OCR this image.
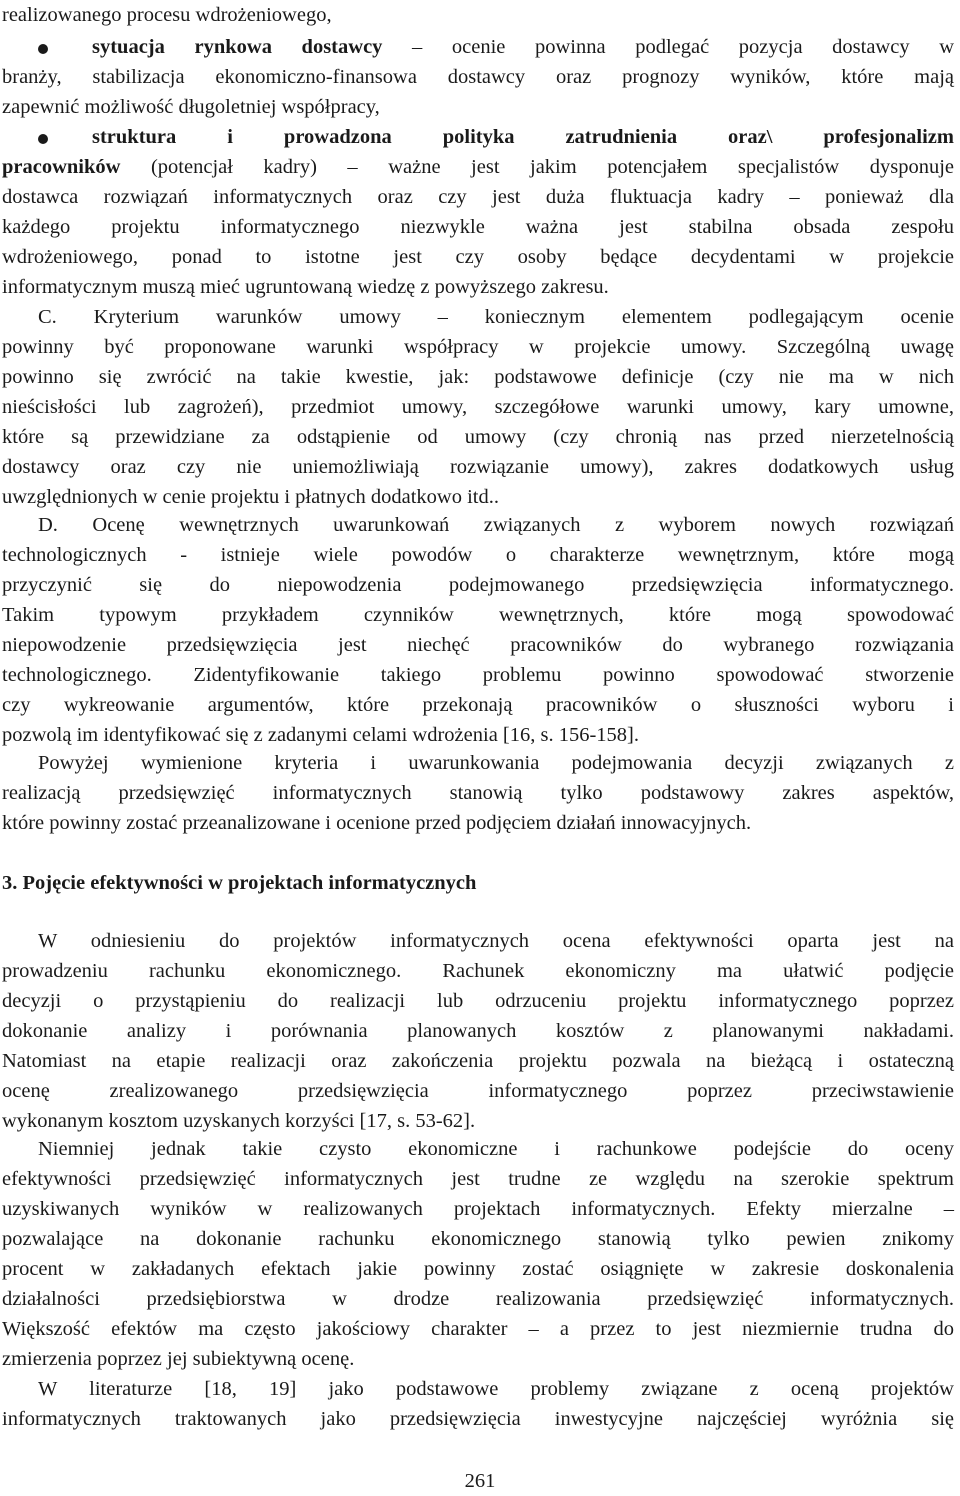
realizowanego procesu wdrożeniowego,
sytuacja rynkowa dostawcy – ocenie powinna podlegać pozycja dostawcy w
branży, stabilizacja ekonomiczno-finansowa dostawcy oraz prognozy wyników, które mają
zapewnić możliwość długoletniej współpracy,
struktura i prowadzona polityka zatrudnienia oraz\ profesjonalizm
pracowników (potencjał kadry) – ważne jest jakim potencjałem specjalistów dysponuje
dostawca rozwiązań informatycznych oraz czy jest duża fluktuacja kadry – ponieważ dla
każdego projektu informatycznego niezwykle ważna jest stabilna obsada zespołu
wdrożeniowego, ponad to istotne jest czy osoby będące decydentami w projekcie
informatycznym muszą mieć ugruntowaną wiedzę z powyższego zakresu.
C. Kryterium warunków umowy – koniecznym elementem podlegającym ocenie
powinny być proponowane warunki współpracy w projekcie umowy. Szczególną uwagę
powinno się zwrócić na takie kwestie, jak: podstawowe definicje (czy nie ma w nich
nieścisłości lub zagrożeń), przedmiot umowy, szczegółowe warunki umowy, kary umowne,
które są przewidziane za odstąpienie od umowy (czy chronią nas przed nierzetelnością
dostawcy oraz czy nie uniemożliwiają rozwiązanie umowy), zakres dodatkowych usług
uwzględnionych w cenie projektu i płatnych dodatkowo itd..
D. Ocenę wewnętrznych uwarunkowań związanych z wyborem nowych rozwiązań
technologicznych - istnieje wiele powodów o charakterze wewnętrznym, które mogą
przyczynić się do niepowodzenia podejmowanego przedsięwzięcia informatycznego.
Takim typowym przykładem czynników wewnętrznych, które mogą spowodować
niepowodzenie przedsięwzięcia jest niechęć pracowników do wybranego rozwiązania
technologicznego. Zidentyfikowanie takiego problemu powinno spowodować stworzenie
czy wykreowanie argumentów, które przekonają pracowników o słuszności wyboru i
pozwolą im identyfikować się z zadanymi celami wdrożenia [16, s. 156-158].
Powyżej wymienione kryteria i uwarunkowania podejmowania decyzji związanych z
realizacją przedsięwzięć informatycznych stanowią tylko podstawowy zakres aspektów,
które powinny zostać przeanalizowane i ocenione przed podjęciem działań innowacyjnych.
3. Pojęcie efektywności w projektach informatycznych
W odniesieniu do projektów informatycznych ocena efektywności oparta jest na
prowadzeniu rachunku ekonomicznego. Rachunek ekonomiczny ma ułatwić podjęcie
decyzji o przystąpieniu do realizacji lub odrzuceniu projektu informatycznego poprzez
dokonanie analizy i porównania planowanych kosztów z planowanymi nakładami.
Natomiast na etapie realizacji oraz zakończenia projektu pozwala na bieżącą i ostateczną
ocenę zrealizowanego przedsięwzięcia informatycznego poprzez przeciwstawienie
wykonanym kosztom uzyskanych korzyści [17, s. 53-62].
Niemniej jednak takie czysto ekonomiczne i rachunkowe podejście do oceny
efektywności przedsięwzięć informatycznych jest trudne ze względu na szerokie spektrum
uzyskiwanych wyników w realizowanych projektach informatycznych. Efekty mierzalne –
pozwalające na dokonanie rachunku ekonomicznego stanowią tylko pewien znikomy
procent w zakładanych efektach jakie powinny zostać osiągnięte w zakresie doskonalenia
działalności przedsiębiorstwa w drodze realizowania przedsięwzięć informatycznych.
Większość efektów ma często jakościowy charakter – a przez to jest niezmiernie trudna do
zmierzenia poprzez jej subiektywną ocenę.
W literaturze [18, 19] jako podstawowe problemy związane z oceną projektów
informatycznych traktowanych jako przedsięwzięcia inwestycyjne najczęściej wyróżnia się
261
